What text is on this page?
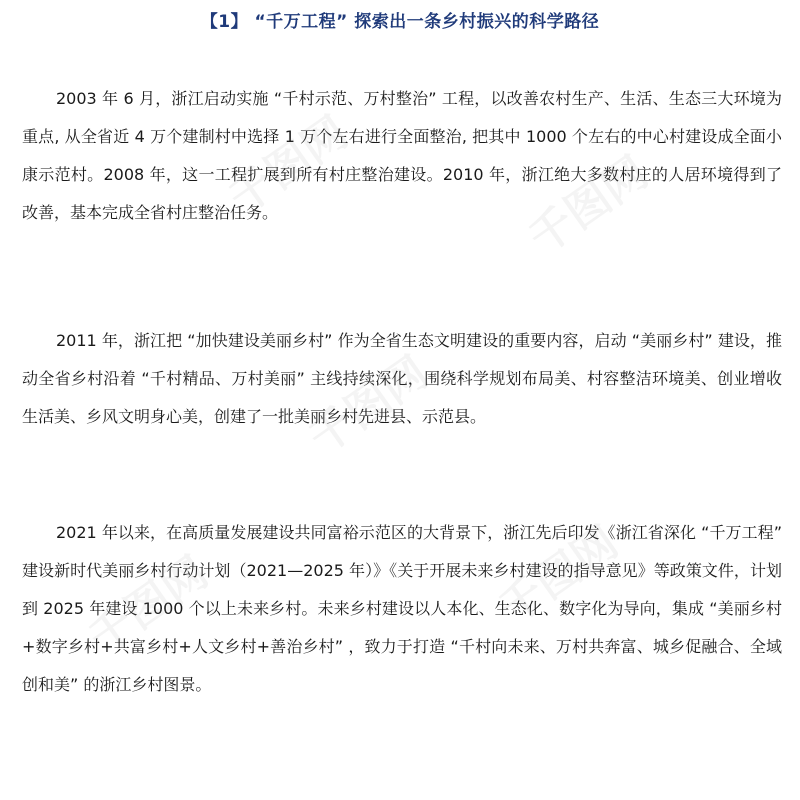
【1】 “千万工程” 探索出一条乡村振兴的科学路径

2003 年 6 月，浙江启动实施 “千村示范、万村整治” 工程，以改善农村生产、生活、生态三大环境为重点, 从全省近 4 万个建制村中选择 1 万个左右进行全面整治, 把其中 1000 个左右的中心村建设成全面小康示范村。2008 年，这一工程扩展到所有村庄整治建设。2010 年，浙江绝大多数村庄的人居环境得到了改善，基本完成全省村庄整治任务。

2011 年，浙江把 “加快建设美丽乡村” 作为全省生态文明建设的重要内容，启动 “美丽乡村” 建设，推动全省乡村沿着 “千村精品、万村美丽” 主线持续深化，围绕科学规划布局美、村容整洁环境美、创业增收生活美、乡风文明身心美，创建了一批美丽乡村先进县、示范县。

2021 年以来，在高质量发展建设共同富裕示范区的大背景下，浙江先后印发《浙江省深化 “千万工程” 建设新时代美丽乡村行动计划（2021—2025 年）》《关于开展未来乡村建设的指导意见》等政策文件，计划到 2025 年建设 1000 个以上未来乡村。未来乡村建设以人本化、生态化、数字化为导向，集成 “美丽乡村+数字乡村+共富乡村+人文乡村+善治乡村” ，致力于打造 “千村向未来、万村共奔富、城乡促融合、全域创和美” 的浙江乡村图景。

千图网	千图网
千图网
千图网	千图网
